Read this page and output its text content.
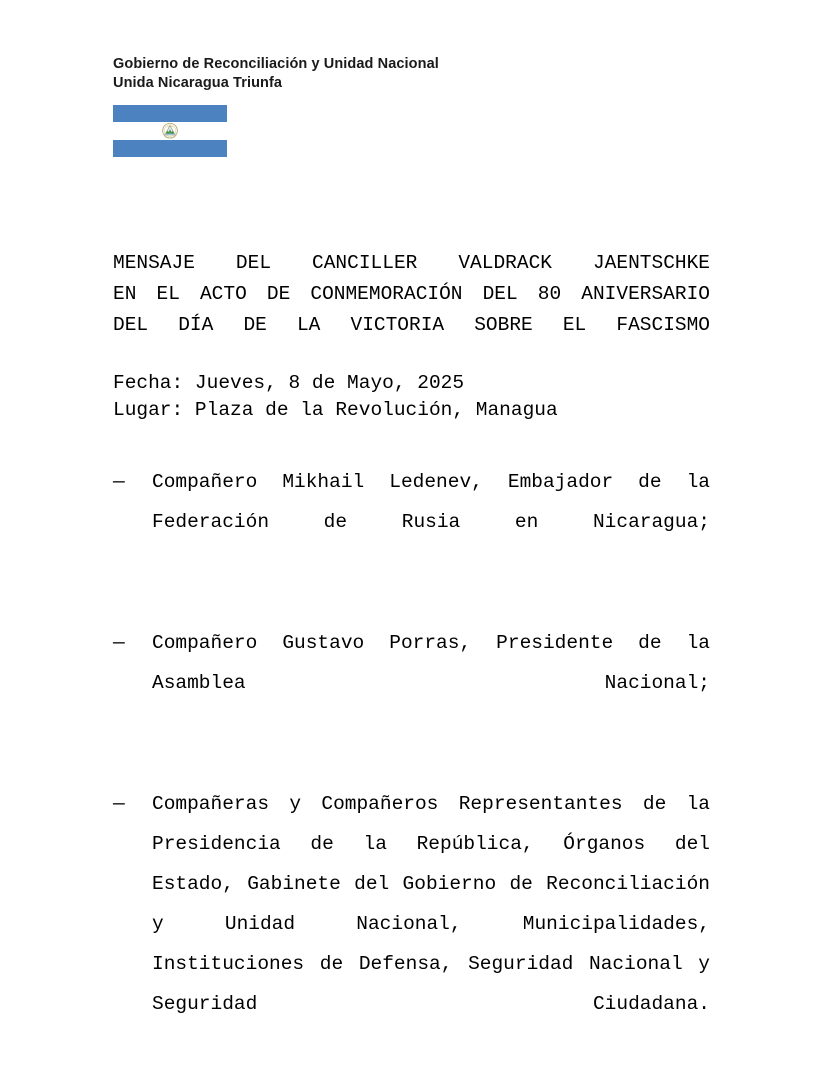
Gobierno de Reconciliación y Unidad Nacional
Unida Nicaragua Triunfa
MENSAJE DEL CANCILLER VALDRACK JAENTSCHKE
EN EL ACTO DE CONMEMORACIÓN DEL 80 ANIVERSARIO
DEL DÍA DE LA VICTORIA SOBRE EL FASCISMO
Fecha: Jueves, 8 de Mayo, 2025
Lugar: Plaza de la Revolución, Managua
— Compañero Mikhail Ledenev, Embajador de la Federación de Rusia en Nicaragua;
— Compañero Gustavo Porras, Presidente de la Asamblea Nacional;
— Compañeras y Compañeros Representantes de la Presidencia de la República, Órganos del Estado, Gabinete del Gobierno de Reconciliación y Unidad Nacional, Municipalidades, Instituciones de Defensa, Seguridad Nacional y Seguridad Ciudadana.
